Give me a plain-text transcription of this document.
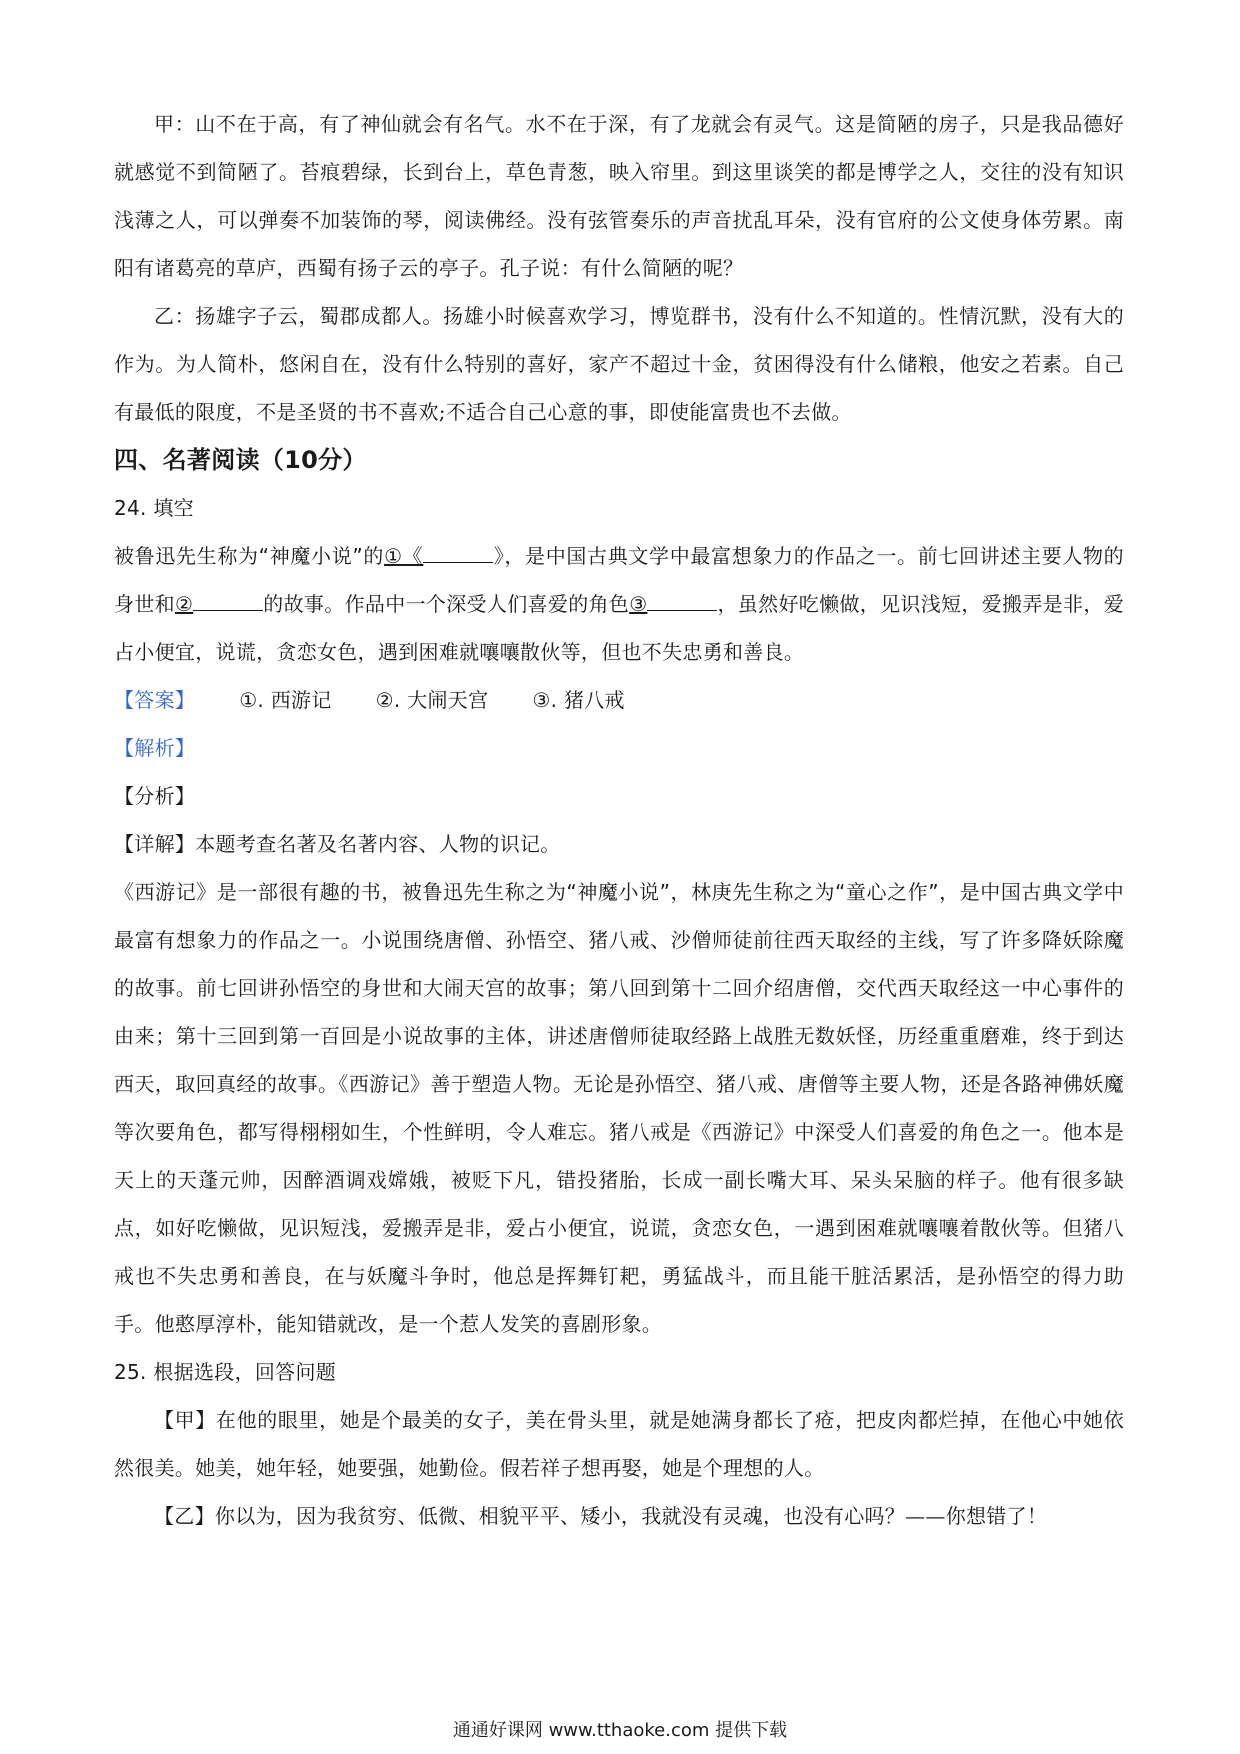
甲：山不在于高，有了神仙就会有名气。水不在于深，有了龙就会有灵气。这是简陋的房子，只是我品德好就感觉不到简陋了。苔痕碧绿，长到台上，草色青葱，映入帘里。到这里谈笑的都是博学之人，交往的没有知识浅薄之人，可以弹奏不加装饰的琴，阅读佛经。没有弦管奏乐的声音扰乱耳朵，没有官府的公文使身体劳累。南阳有诸葛亮的草庐，西蜀有扬子云的亭子。孔子说：有什么简陋的呢？

乙：扬雄字子云，蜀郡成都人。扬雄小时候喜欢学习，博览群书，没有什么不知道的。性情沉默，没有大的作为。为人简朴，悠闲自在，没有什么特别的喜好，家产不超过十金，贫困得没有什么储粮，他安之若素。自己有最低的限度，不是圣贤的书不喜欢;不适合自己心意的事，即使能富贵也不去做。

四、名著阅读（10分）

24. 填空

被鲁迅先生称为“神魔小说”的①《	》，是中国古典文学中最富想象力的作品之一。前七回讲述主要人物的身世和②	的故事。作品中一个深受人们喜爱的角色③	，虽然好吃懒做，见识浅短，爱搬弄是非，爱占小便宜，说谎，贪恋女色，遇到困难就嚷嚷散伙等，但也不失忠勇和善良。

【答案】 ①. 西游记 ②. 大闹天宫 ③. 猪八戒

【解析】

【分析】

【详解】本题考查名著及名著内容、人物的识记。

《西游记》是一部很有趣的书，被鲁迅先生称之为“神魔小说”，林庚先生称之为“童心之作”，是中国古典文学中最富有想象力的作品之一。小说围绕唐僧、孙悟空、猪八戒、沙僧师徒前往西天取经的主线，写了许多降妖除魔的故事。前七回讲孙悟空的身世和大闹天宫的故事；第八回到第十二回介绍唐僧，交代西天取经这一中心事件的由来；第十三回到第一百回是小说故事的主体，讲述唐僧师徒取经路上战胜无数妖怪，历经重重磨难，终于到达西天，取回真经的故事。《西游记》善于塑造人物。无论是孙悟空、猪八戒、唐僧等主要人物，还是各路神佛妖魔等次要角色，都写得栩栩如生，个性鲜明，令人难忘。猪八戒是《西游记》中深受人们喜爱的角色之一。他本是天上的天蓬元帅，因醉酒调戏嫦娥，被贬下凡，错投猪胎，长成一副长嘴大耳、呆头呆脑的样子。他有很多缺点，如好吃懒做，见识短浅，爱搬弄是非，爱占小便宜，说谎，贪恋女色，一遇到困难就嚷嚷着散伙等。但猪八戒也不失忠勇和善良，在与妖魔斗争时，他总是挥舞钉耙，勇猛战斗，而且能干脏活累活，是孙悟空的得力助手。他憨厚淳朴，能知错就改，是一个惹人发笑的喜剧形象。

25. 根据选段，回答问题

【甲】在他的眼里，她是个最美的女子，美在骨头里，就是她满身都长了疮，把皮肉都烂掉，在他心中她依然很美。她美，她年轻，她要强，她勤俭。假若祥子想再娶，她是个理想的人。

【乙】你以为，因为我贫穷、低微、相貌平平、矮小，我就没有灵魂，也没有心吗？——你想错了！

通通好课网 www.tthaoke.com 提供下载
